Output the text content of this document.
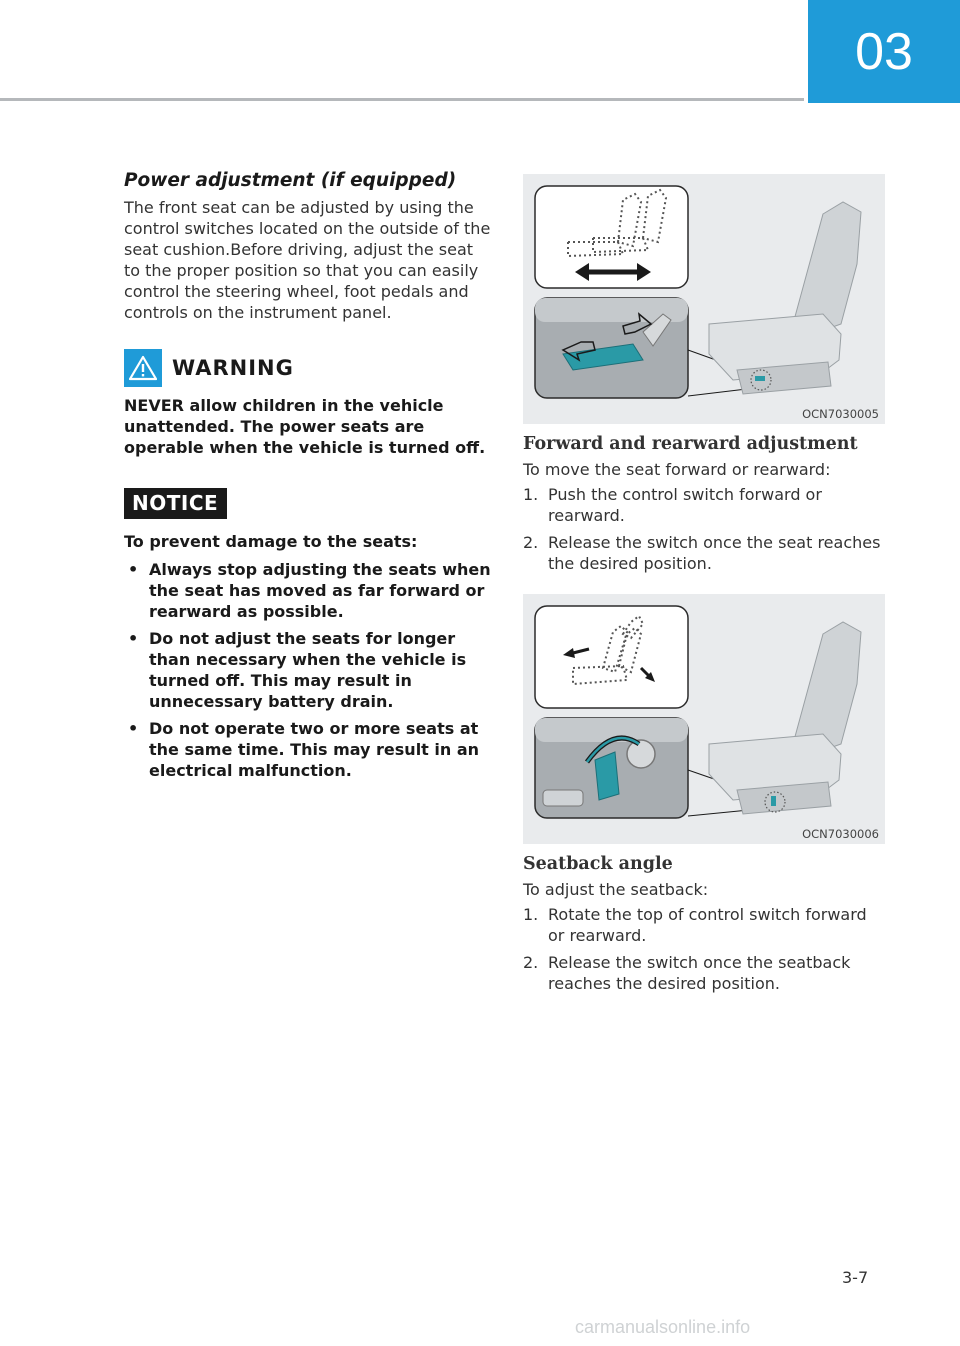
03
Power adjustment (if equipped)

The front seat can be adjusted by using the control switches located on the outside of the seat cushion.Before driving, adjust the seat to the proper position so that you can easily control the steering wheel, foot pedals and controls on the instrument panel.

WARNING

NEVER allow children in the vehicle unattended. The power seats are operable when the vehicle is turned off.

NOTICE

To prevent damage to the seats:

• Always stop adjusting the seats when the seat has moved as far forward or rearward as possible.
• Do not adjust the seats for longer than necessary when the vehicle is turned off. This may result in unnecessary battery drain.
• Do not operate two or more seats at the same time. This may result in an electrical malfunction.
OCN7030005
Forward and rearward adjustment

To move the seat forward or rearward:

1. Push the control switch forward or rearward.
2. Release the switch once the seat reaches the desired position.
OCN7030006
Seatback angle

To adjust the seatback:

1. Rotate the top of control switch forward or rearward.
2. Release the switch once the seatback reaches the desired position.
3-7
carmanualsonline.info
